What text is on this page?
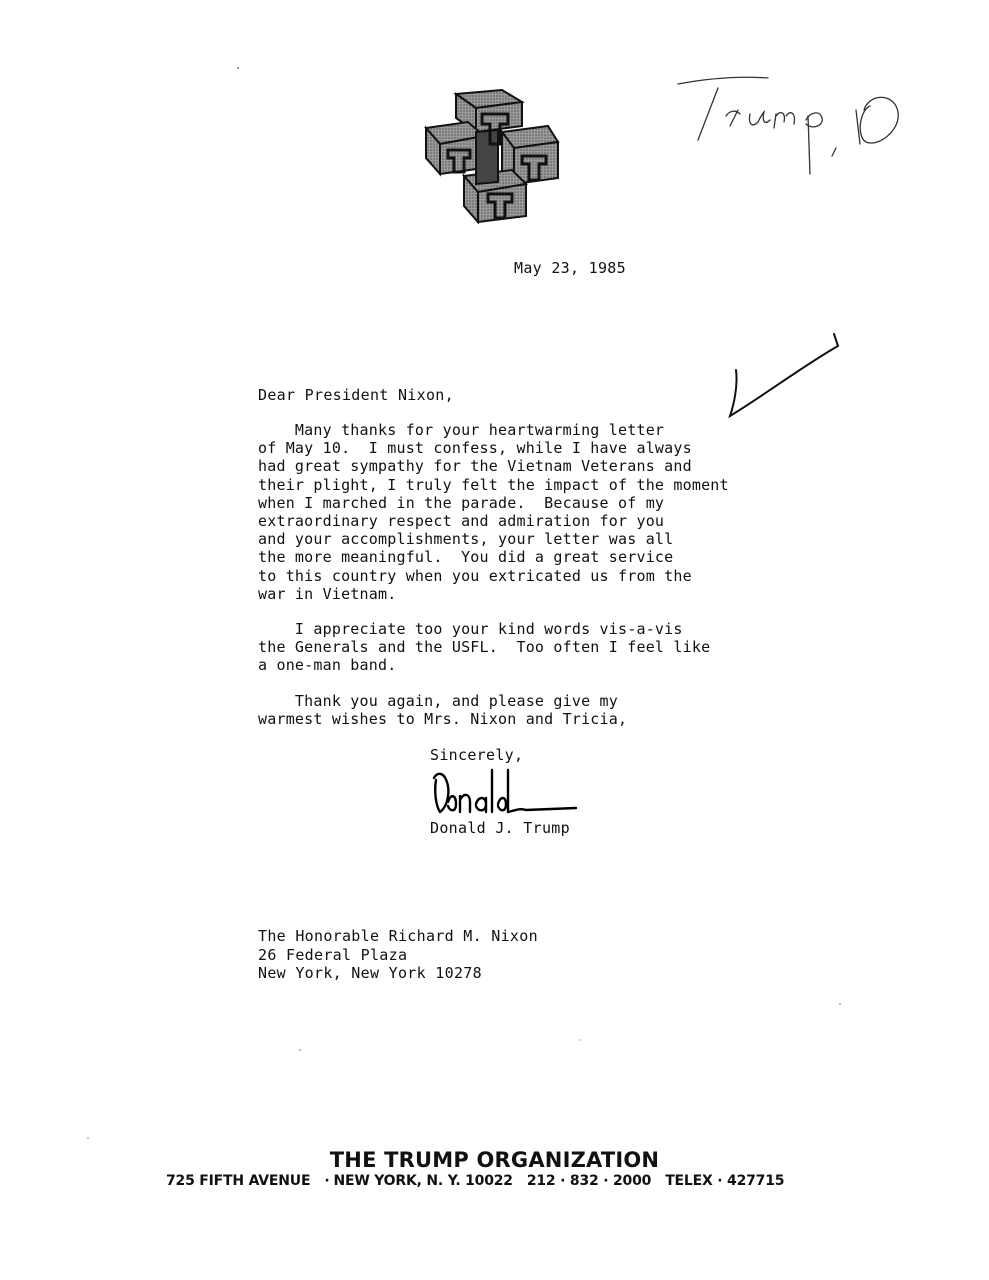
May 23, 1985
Dear President Nixon,
Many thanks for your heartwarming letter
of May 10.  I must confess, while I have always
had great sympathy for the Vietnam Veterans and
their plight, I truly felt the impact of the moment
when I marched in the parade.  Because of my
extraordinary respect and admiration for you
and your accomplishments, your letter was all
the more meaningful.  You did a great service
to this country when you extricated us from the
war in Vietnam.
I appreciate too your kind words vis-a-vis
the Generals and the USFL.  Too often I feel like
a one-man band.
Thank you again, and please give my
warmest wishes to Mrs. Nixon and Tricia,
Sincerely,
Donald J. Trump
The Honorable Richard M. Nixon
26 Federal Plaza
New York, New York 10278
THE TRUMP ORGANIZATION
725 FIFTH AVENUE · NEW YORK, N. Y. 10022 212 · 832 · 2000 TELEX · 427715
